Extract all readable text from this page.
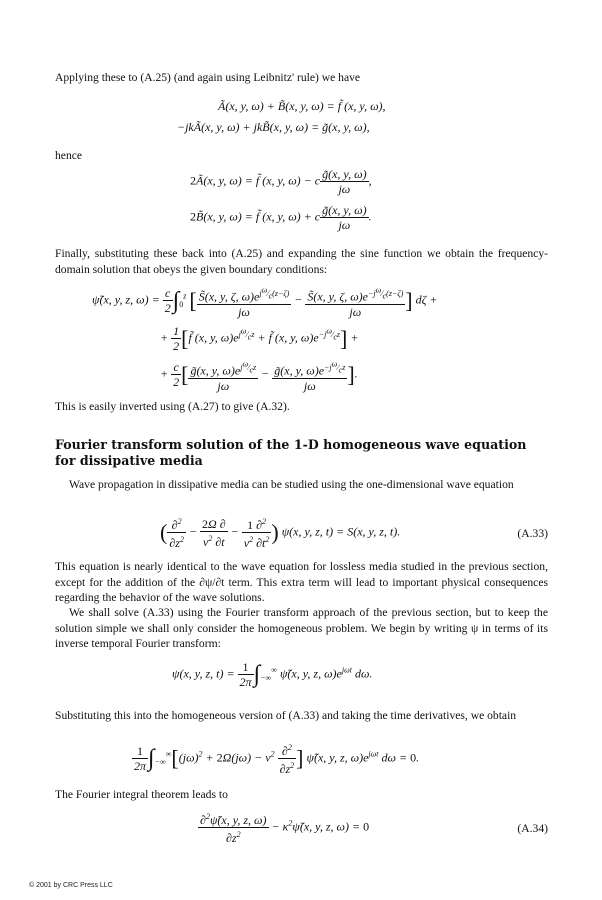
Applying these to (A.25) (and again using Leibnitz' rule) we have

Ã(x, y, ω) + B̃(x, y, ω) = f̃ (x, y, ω),
−jkÃ(x, y, ω) + jkB̃(x, y, ω) = g̃(x, y, ω),

hence

2Ã(x, y, ω) = f̃ (x, y, ω) − c $\frac{g̃(x, y, \omega)}{j\omega}$ ,
2B̃(x, y, ω) = f̃ (x, y, ω) + c $\frac{g̃(x, y, \omega)}{j\omega}$ .

Finally, substituting these back into (A.25) and expanding the sine function we obtain the frequency-domain solution that obeys the given boundary conditions:

ψ̃(x, y, z, $\omega) = \frac{c}{2} \int_0^z$ [ $\frac{S̃(x, y, \zeta, \omega)e^{j^\omega⁄_c(z-\zeta)}}{j\omega} - \frac{S̃(x, y, \zeta, \omega)e^{-j^\omega⁄_c(z-\zeta)}}{j\omega}$ ] dζ +
+ $\frac{1}{2}$ [f̃ (x, y, $\omega)e^{j^\omega⁄_cz}$ + f̃ (x, y, $\omega)e^{-j^\omega⁄_cz}$] +
+ $\frac{c}{2}$ [ $\frac{g̃(x, y, \omega)e^{j^\omega⁄_cz}}{j\omega} - \frac{g̃(x, y, \omega)e^{-j^\omega⁄_cz}}{j\omega}$ ].

This is easily inverted using (A.27) to give (A.32).

Fourier transform solution of the 1-D homogeneous wave equation for dissipative media

Wave propagation in dissipative media can be studied using the one-dimensional wave equation

( $\frac{\partial^2}{\partial z^2} - \frac{2\Omega \partial}{v^2 \partial t} - \frac{1 \partial^2}{v^2 \partial t^2}$ ) ψ(x, y, z, t) = S(x, y, z, t).	(A.33)

This equation is nearly identical to the wave equation for lossless media studied in the previous section, except for the addition of the ∂ψ/∂t term. This extra term will lead to important physical consequences regarding the behavior of the wave solutions.

We shall solve (A.33) using the Fourier transform approach of the previous section, but to keep the solution simple we shall only consider the homogeneous problem. We begin by writing ψ in terms of its inverse temporal Fourier transform:

ψ(x, y, z, $t) = \frac{1}{2\pi} \int_{-\infty}^\infty$ ψ̃(x, y, z, $\omega)e^{j\omega t}$ dω.

Substituting this into the homogeneous version of (A.33) and taking the time derivatives, we obtain

$\frac{1}{2\pi} \int_{-\infty}^\infty[(j\omega)^2 + 2\Omega(j\omega) - v^2 \frac{\partial^2}{\partial z^2}$ ] ψ̃(x, y, z, $\omega)e^{j\omega t}$ dω = 0.

The Fourier integral theorem leads to

$\frac{\partial^2\psĩ(x, y, z, \omega)}{\partial z^2}$ − $\kappa^2\psĩ(x$, y, z, ω) = 0	(A.34)
© 2001 by CRC Press LLC
